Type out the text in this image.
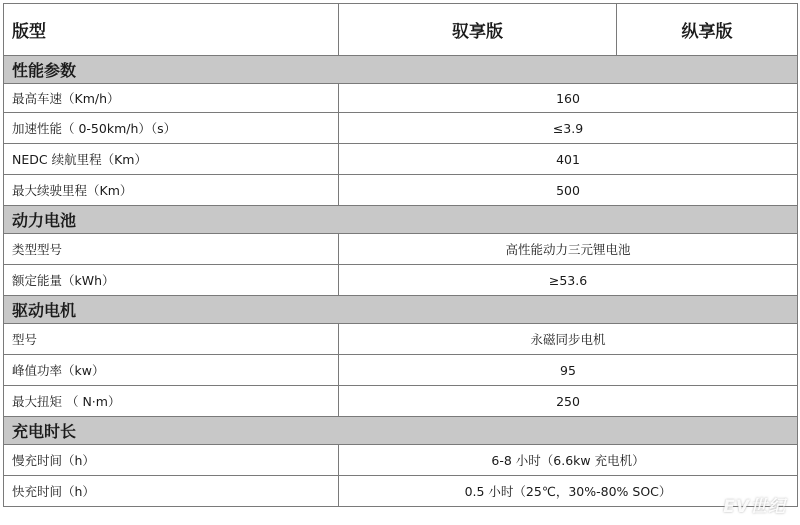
版型	驭享版	纵享版
性能参数		
最高车速（Km/h）	160	
加速性能（ 0-50km/h）（s）	≤3.9	
NEDC 续航里程（Km）	401	
最大续驶里程（Km）	500	
动力电池		
类型型号	高性能动力三元锂电池	
额定能量（kWh）	≥53.6	
驱动电机		
型号	永磁同步电机	
峰值功率（kw）	95	
最大扭矩 （ N·m）	250	
充电时长		
慢充时间（h）	6-8 小时（6.6kw 充电机）	
快充时间（h）	0.5 小时（25℃，30%-80% SOC）	
EV世纪
